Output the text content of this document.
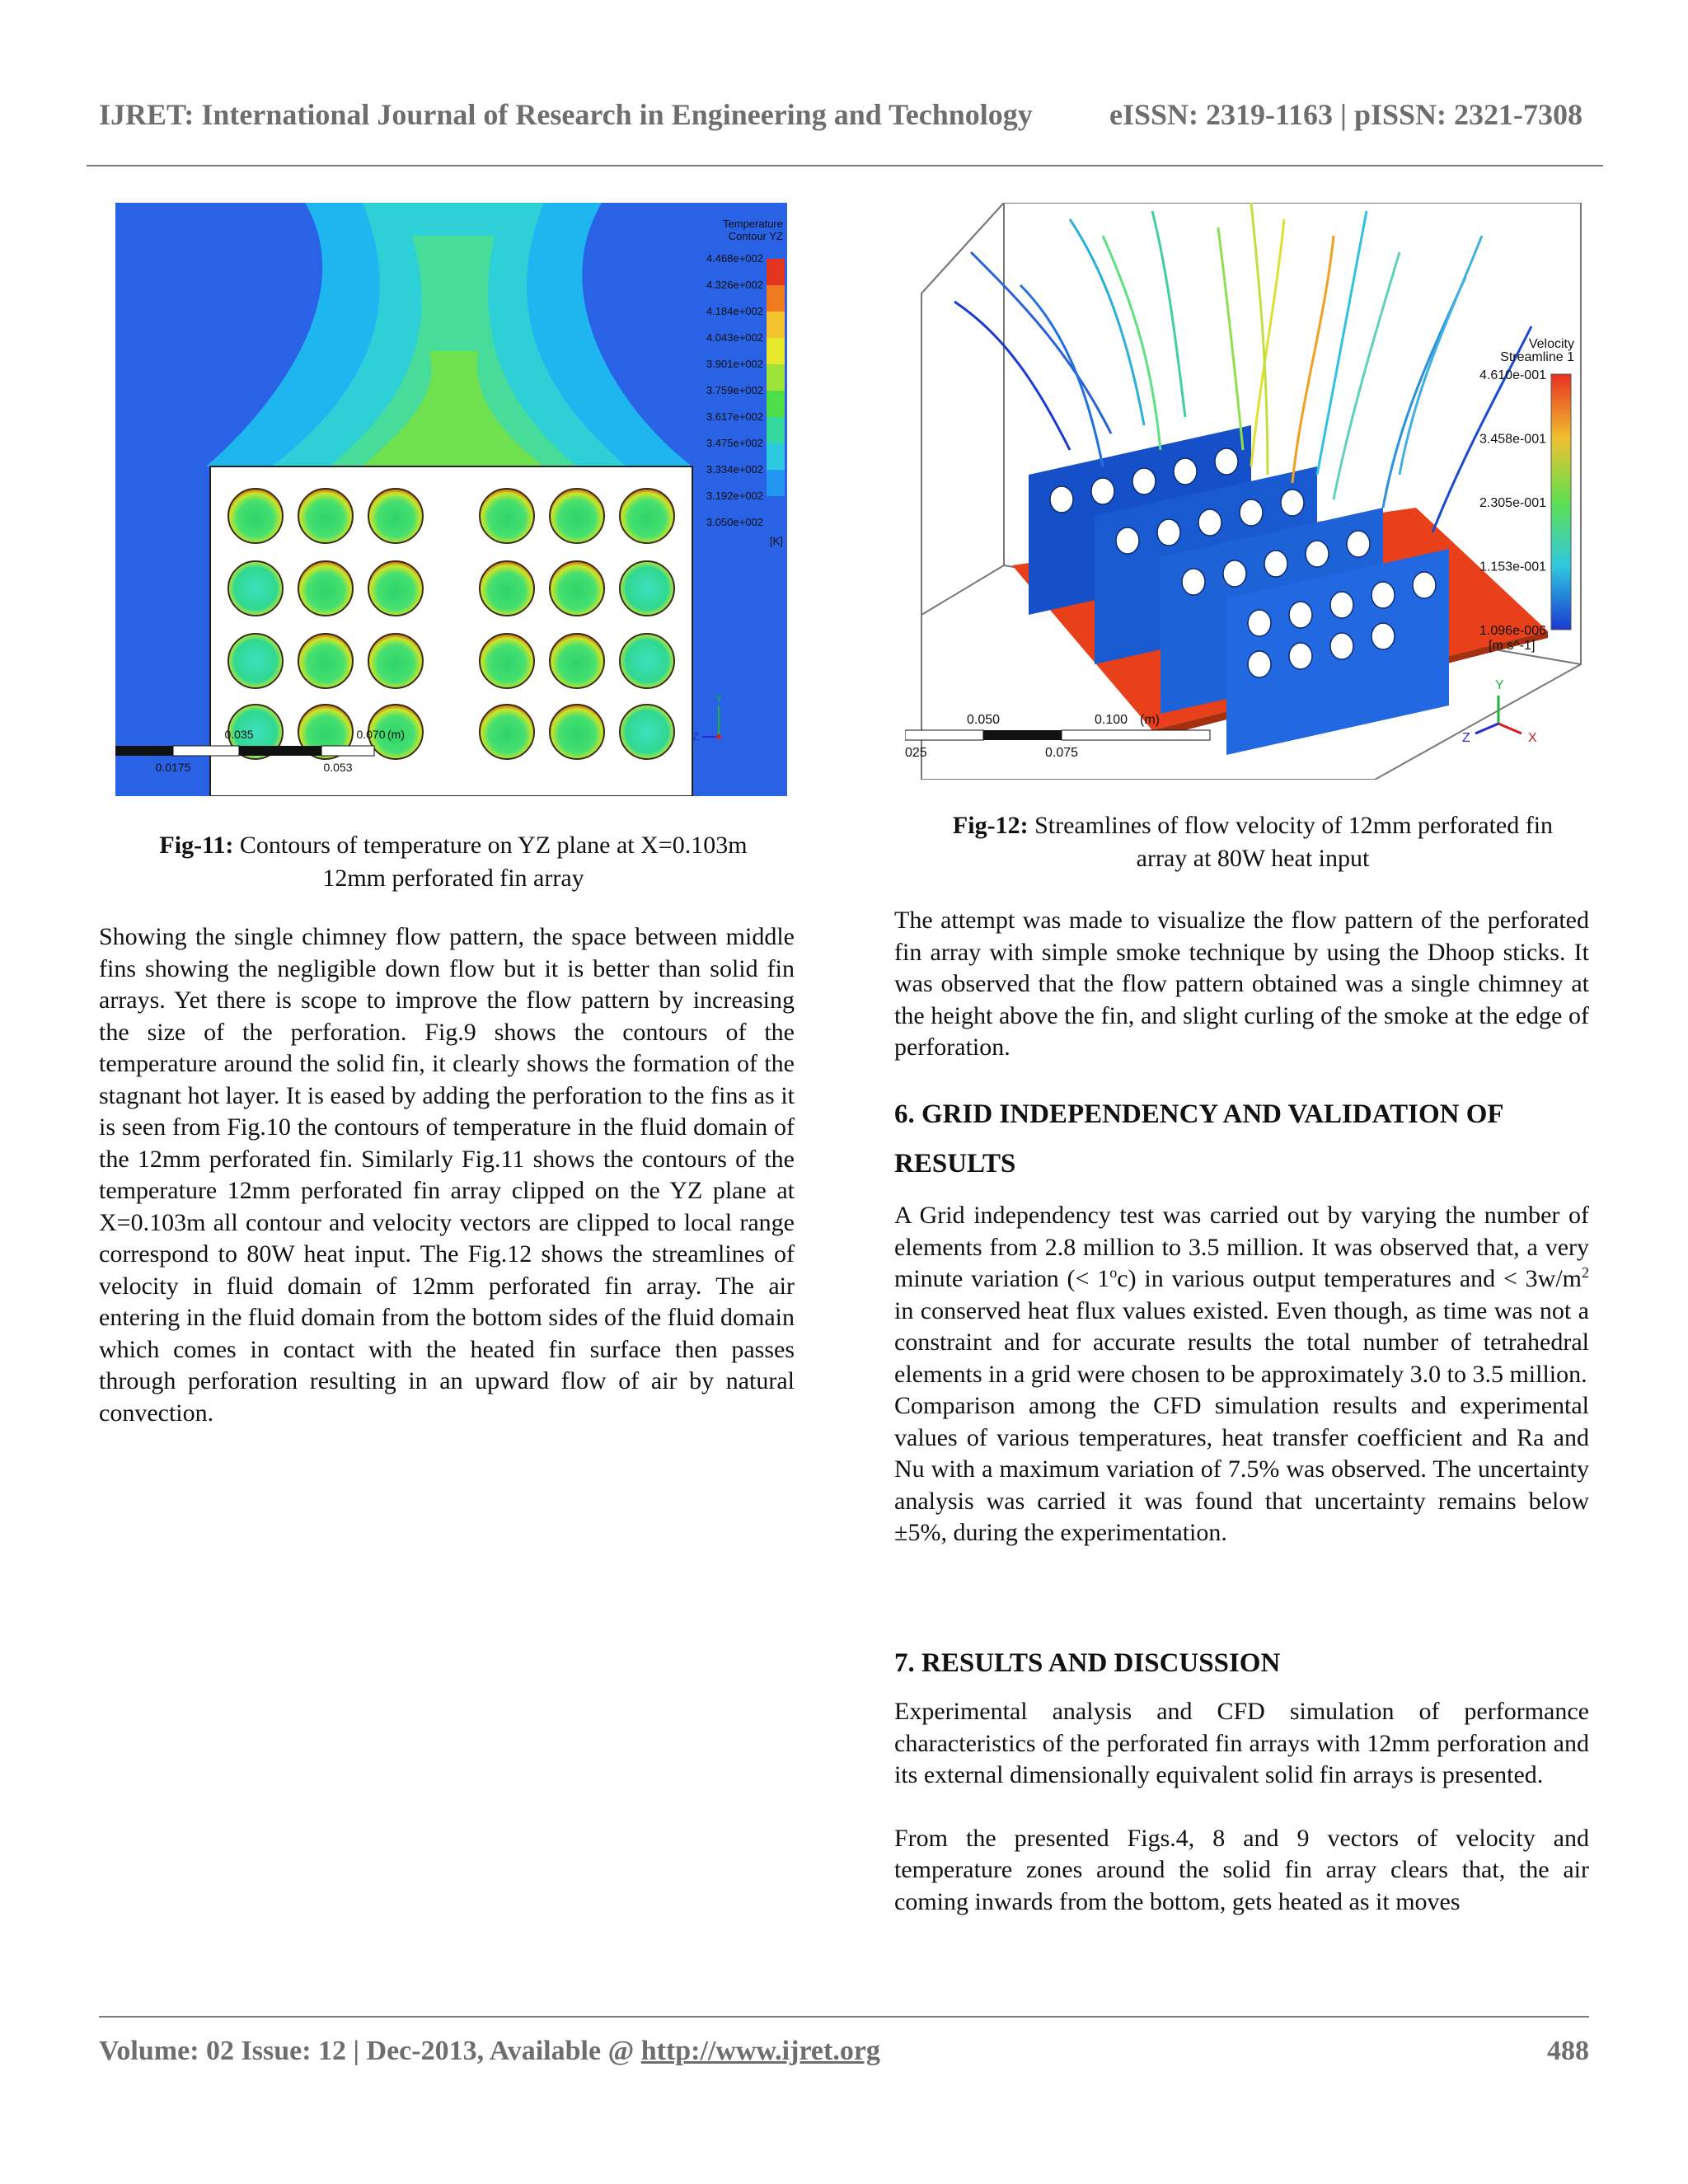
IJRET: International Journal of Research in Engineering and Technology	eISSN: 2319-1163 | pISSN: 2321-7308
Temperature
Contour YZ
4.468e+002
4.326e+002
4.184e+002
4.043e+002
3.901e+002
3.759e+002
3.617e+002
3.475e+002
3.334e+002
3.192e+002
3.050e+002
[K]
0.035	0.070 (m)
0.0175	0.053
Y
Z
Fig-11: Contours of temperature on YZ plane at X=0.103m
12mm perforated fin array
Velocity
Streamline 1
4.610e-001
3.458e-001
2.305e-001
1.153e-001
1.096e-006
[m s^-1]
0.050	0.100 (m)
025	0.075
Y
X
Z
Fig-12: Streamlines of flow velocity of 12mm perforated fin
array at 80W heat input

Showing the single chimney flow pattern, the space between middle fins showing the negligible down flow but it is better than solid fin arrays. Yet there is scope to improve the flow pattern by increasing the size of the perforation. Fig.9 shows the contours of the temperature around the solid fin, it clearly shows the formation of the stagnant hot layer. It is eased by adding the perforation to the fins as it is seen from Fig.10 the contours of temperature in the fluid domain of the 12mm perforated fin. Similarly Fig.11 shows the contours of the temperature 12mm perforated fin array clipped on the YZ plane at X=0.103m all contour and velocity vectors are clipped to local range correspond to 80W heat input. The Fig.12 shows the streamlines of velocity in fluid domain of 12mm perforated fin array. The air entering in the fluid domain from the bottom sides of the fluid domain which comes in contact with the heated fin surface then passes through perforation resulting in an upward flow of air by natural convection.

The attempt was made to visualize the flow pattern of the perforated fin array with simple smoke technique by using the Dhoop sticks. It was observed that the flow pattern obtained was a single chimney at the height above the fin, and slight curling of the smoke at the edge of perforation.

6. GRID INDEPENDENCY AND VALIDATION OF
RESULTS

A Grid independency test was carried out by varying the number of elements from 2.8 million to 3.5 million. It was observed that, a very minute variation (< $1^oc$) in various output temperatures and < $3w/m^2$ in conserved heat flux values existed. Even though, as time was not a constraint and for accurate results the total number of tetrahedral elements in a grid were chosen to be approximately 3.0 to 3.5 million.

Comparison among the CFD simulation results and experimental values of various temperatures, heat transfer coefficient and Ra and Nu with a maximum variation of 7.5% was observed. The uncertainty analysis was carried it was found that uncertainty remains below ±5%, during the experimentation.

7. RESULTS AND DISCUSSION

Experimental analysis and CFD simulation of performance characteristics of the perforated fin arrays with 12mm perforation and its external dimensionally equivalent solid fin arrays is presented.

From the presented Figs.4, 8 and 9 vectors of velocity and temperature zones around the solid fin array clears that, the air coming inwards from the bottom, gets heated as it moves

Volume: 02 Issue: 12 | Dec-2013, Available @ http://www.ijret.org	488
